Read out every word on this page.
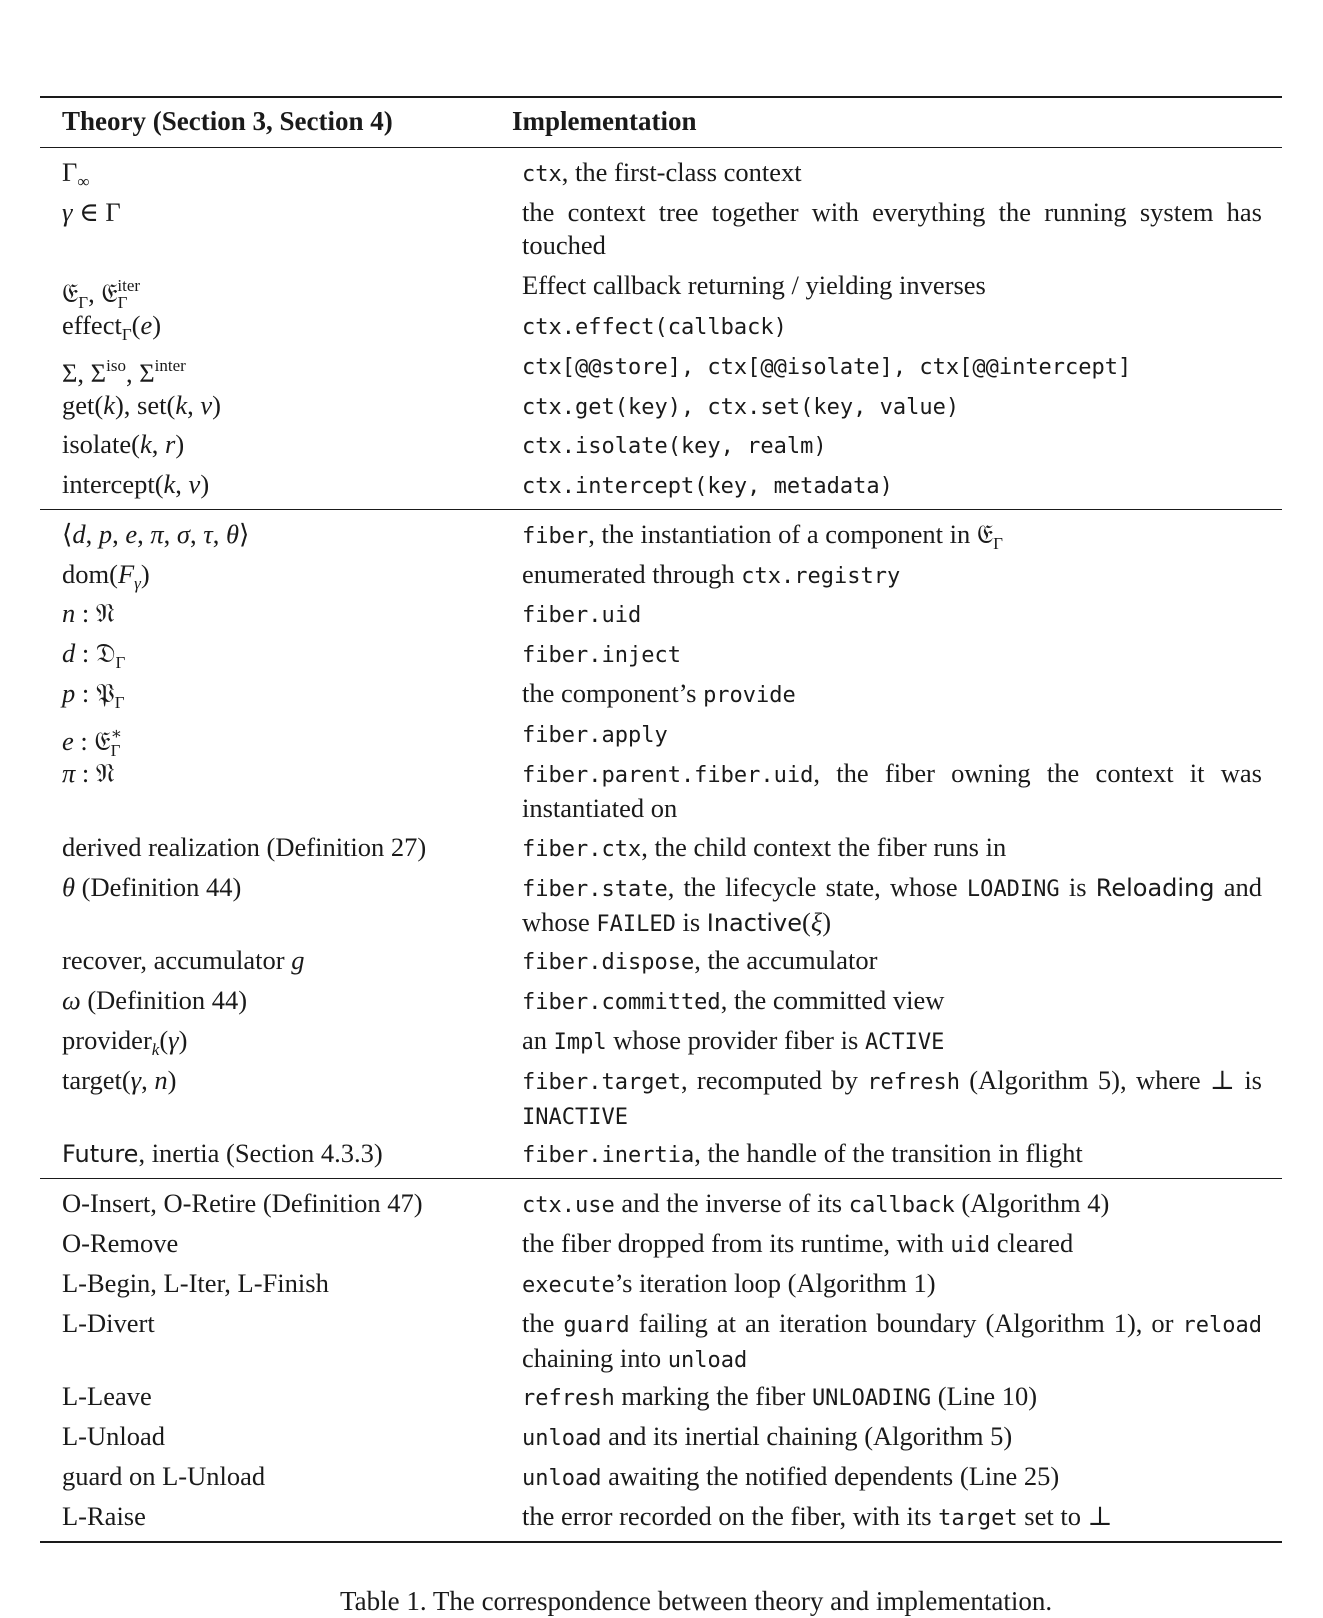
Theory (Section 3, Section 4)	Implementation
$\Gamma_\infty$	ctx, the first-class context
γ ∈ Γ	the context tree together with everything the running system has touched
𝔈$_\Gamma$, 𝔈$_\Gamma^{iter}$	Effect callback returning / yielding inverses
effect$_\Gamma$(e)	ctx.effect(callback)
Σ, $\Sigma^{iso}$, $\Sigma^{inter}$	ctx[@@store], ctx[@@isolate], ctx[@@intercept]
get(k), set(k, v)	ctx.get(key), ctx.set(key, value)
isolate(k, r)	ctx.isolate(key, realm)
intercept(k, ν)	ctx.intercept(key, metadata)
⟨d, p, e, π, σ, τ, θ⟩	fiber, the instantiation of a component in 𝔈$_\Gamma$
$dom(F_\gamma)$	enumerated through ctx.registry
n : 𝔑	fiber.uid
d : 𝔇$_\Gamma$	fiber.inject
p : 𝔓$_\Gamma$	the component’s provide
e : 𝔈$_\Gamma$∗	fiber.apply
π : 𝔑	fiber.parent.fiber.uid, the fiber owning the context it was instantiated on
derived realization (Definition 27)	fiber.ctx, the child context the fiber runs in
θ (Definition 44)	fiber.state, the lifecycle state, whose LOADING is Reloading and whose FAILED is Inactive(ξ)
recover, accumulator g	fiber.dispose, the accumulator
ω (Definition 44)	fiber.committed, the committed view
provider$_k$(γ)	an Impl whose provider fiber is ACTIVE
target(γ, n)	fiber.target, recomputed by refresh (Algorithm 5), where ⊥ is INACTIVE
Future, inertia (Section 4.3.3)	fiber.inertia, the handle of the transition in flight
O-Insert, O-Retire (Definition 47)	ctx.use and the inverse of its callback (Algorithm 4)
O-Remove	the fiber dropped from its runtime, with uid cleared
L-Begin, L-Iter, L-Finish	execute’s iteration loop (Algorithm 1)
L-Divert	the guard failing at an iteration boundary (Algorithm 1), or reload chaining into unload
L-Leave	refresh marking the fiber UNLOADING (Line 10)
L-Unload	unload and its inertial chaining (Algorithm 5)
guard on L-Unload	unload awaiting the notified dependents (Line 25)
L-Raise	the error recorded on the fiber, with its target set to ⊥
Table 1. The correspondence between theory and implementation.
